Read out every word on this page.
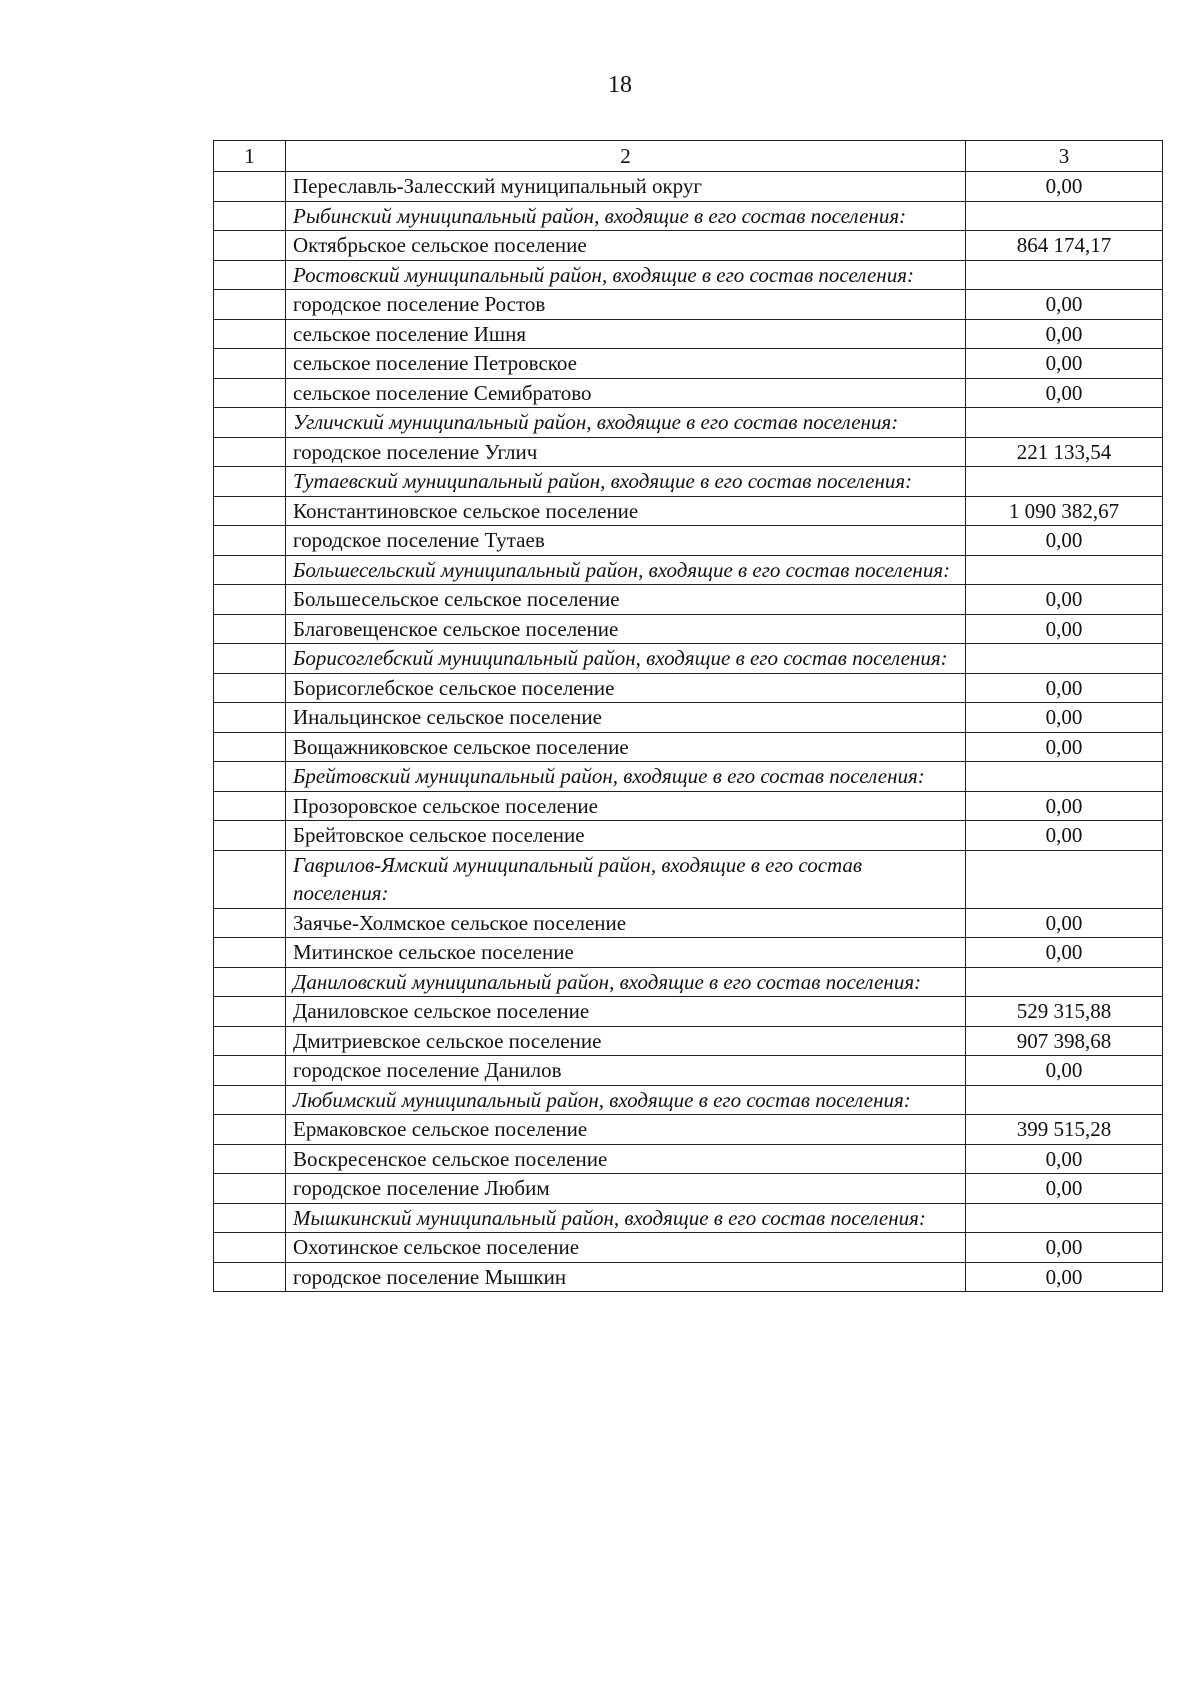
18
1	2	3
	Переславль-Залесский муниципальный округ	0,00
	Рыбинский муниципальный район, входящие в его состав поселения:	
	Октябрьское сельское поселение	864 174,17
	Ростовский муниципальный район, входящие в его состав поселения:	
	городское поселение Ростов	0,00
	сельское поселение Ишня	0,00
	сельское поселение Петровское	0,00
	сельское поселение Семибратово	0,00
	Угличский муниципальный район, входящие в его состав поселения:	
	городское поселение Углич	221 133,54
	Тутаевский муниципальный район, входящие в его состав поселения:	
	Константиновское сельское поселение	1 090 382,67
	городское поселение Тутаев	0,00
	Большесельский муниципальный район, входящие в его состав поселения:	
	Большесельское сельское поселение	0,00
	Благовещенское сельское поселение	0,00
	Борисоглебский муниципальный район, входящие в его состав поселения:	
	Борисоглебское сельское поселение	0,00
	Инальцинское сельское поселение	0,00
	Вощажниковское сельское поселение	0,00
	Брейтовский муниципальный район, входящие в его состав поселения:	
	Прозоровское сельское поселение	0,00
	Брейтовское сельское поселение	0,00
	Гаврилов-Ямский муниципальный район, входящие в его состав поселения:	
	Заячье-Холмское сельское поселение	0,00
	Митинское сельское поселение	0,00
	Даниловский муниципальный район, входящие в его состав поселения:	
	Даниловское сельское поселение	529 315,88
	Дмитриевское сельское поселение	907 398,68
	городское поселение Данилов	0,00
	Любимский муниципальный район, входящие в его состав поселения:	
	Ермаковское сельское поселение	399 515,28
	Воскресенское сельское поселение	0,00
	городское поселение Любим	0,00
	Мышкинский муниципальный район, входящие в его состав поселения:	
	Охотинское сельское поселение	0,00
	городское поселение Мышкин	0,00
